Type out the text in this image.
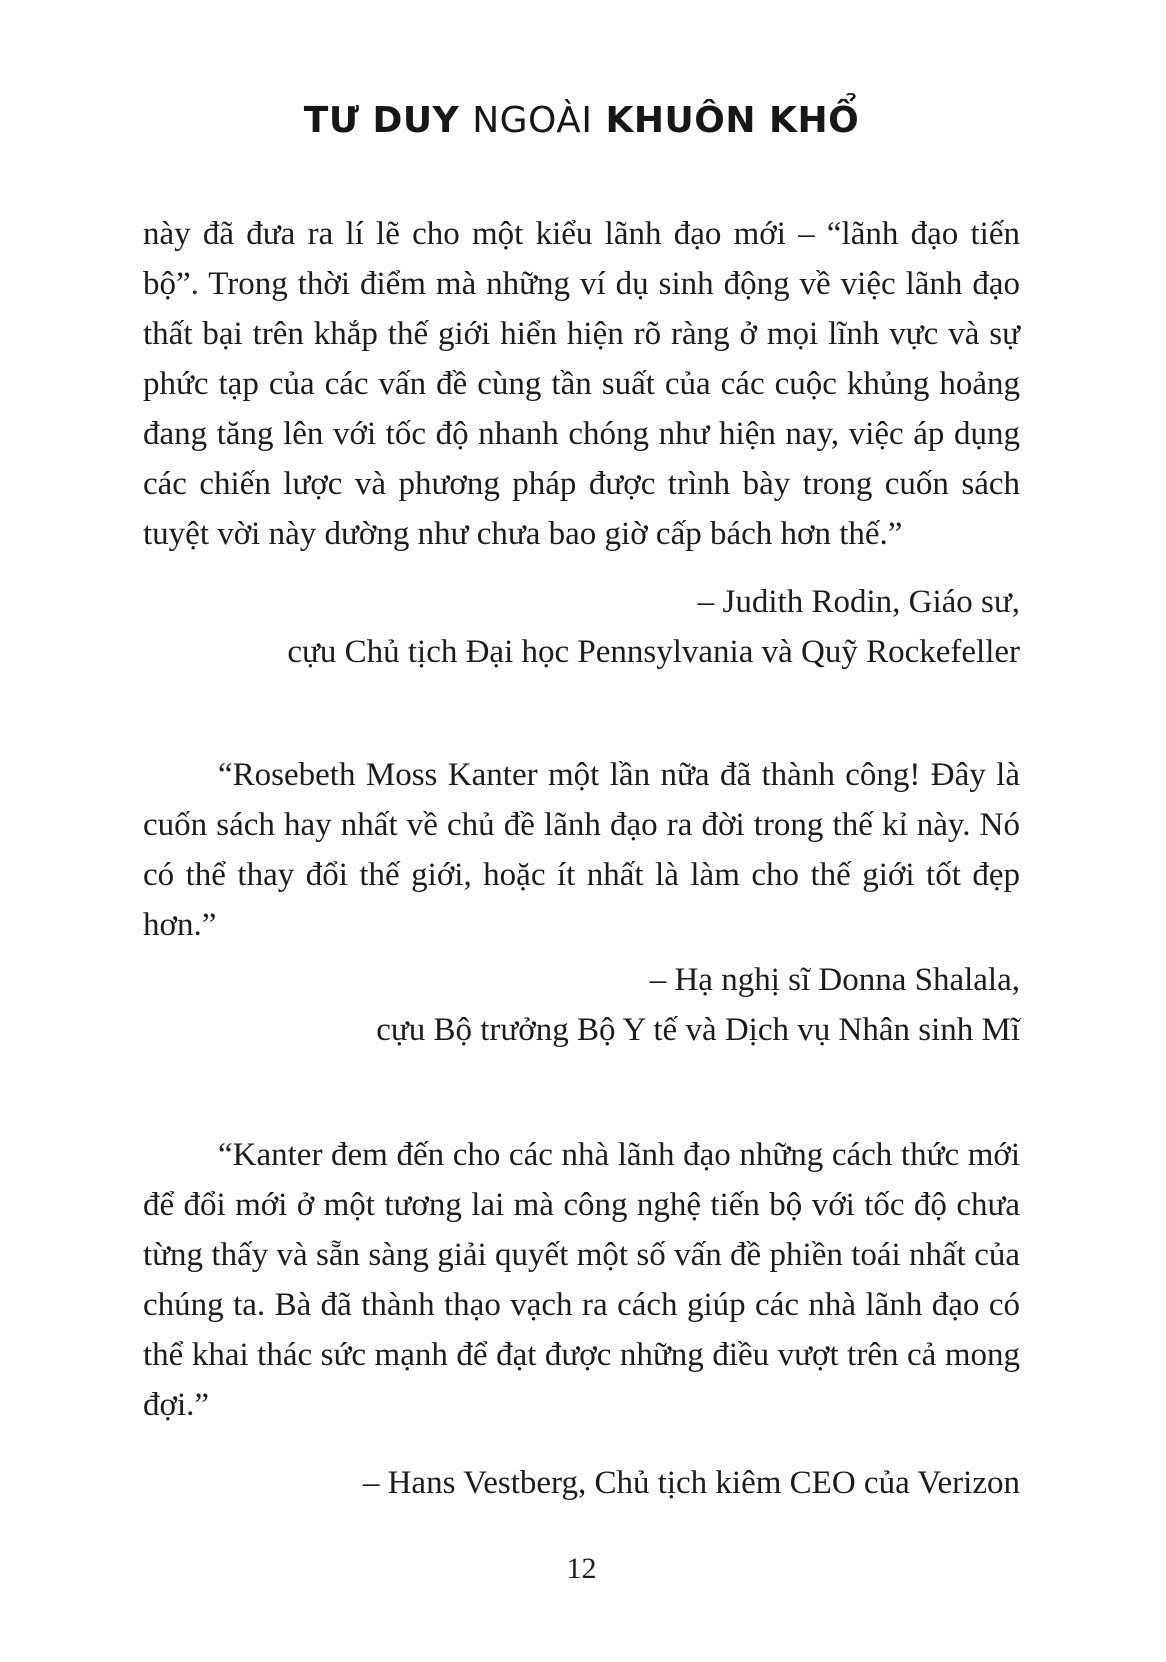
TƯ DUY NGOÀI KHUÔN KHỔ

này đã đưa ra lí lẽ cho một kiểu lãnh đạo mới – “lãnh đạo tiến bộ”. Trong thời điểm mà những ví dụ sinh động về việc lãnh đạo thất bại trên khắp thế giới hiển hiện rõ ràng ở mọi lĩnh vực và sự phức tạp của các vấn đề cùng tần suất của các cuộc khủng hoảng đang tăng lên với tốc độ nhanh chóng như hiện nay, việc áp dụng các chiến lược và phương pháp được trình bày trong cuốn sách tuyệt vời này dường như chưa bao giờ cấp bách hơn thế.”

– Judith Rodin, Giáo sư,
cựu Chủ tịch Đại học Pennsylvania và Quỹ Rockefeller

“Rosebeth Moss Kanter một lần nữa đã thành công! Đây là cuốn sách hay nhất về chủ đề lãnh đạo ra đời trong thế kỉ này. Nó có thể thay đổi thế giới, hoặc ít nhất là làm cho thế giới tốt đẹp hơn.”

– Hạ nghị sĩ Donna Shalala,
cựu Bộ trưởng Bộ Y tế và Dịch vụ Nhân sinh Mĩ

“Kanter đem đến cho các nhà lãnh đạo những cách thức mới để đổi mới ở một tương lai mà công nghệ tiến bộ với tốc độ chưa từng thấy và sẵn sàng giải quyết một số vấn đề phiền toái nhất của chúng ta. Bà đã thành thạo vạch ra cách giúp các nhà lãnh đạo có thể khai thác sức mạnh để đạt được những điều vượt trên cả mong đợi.”

– Hans Vestberg, Chủ tịch kiêm CEO của Verizon
12
